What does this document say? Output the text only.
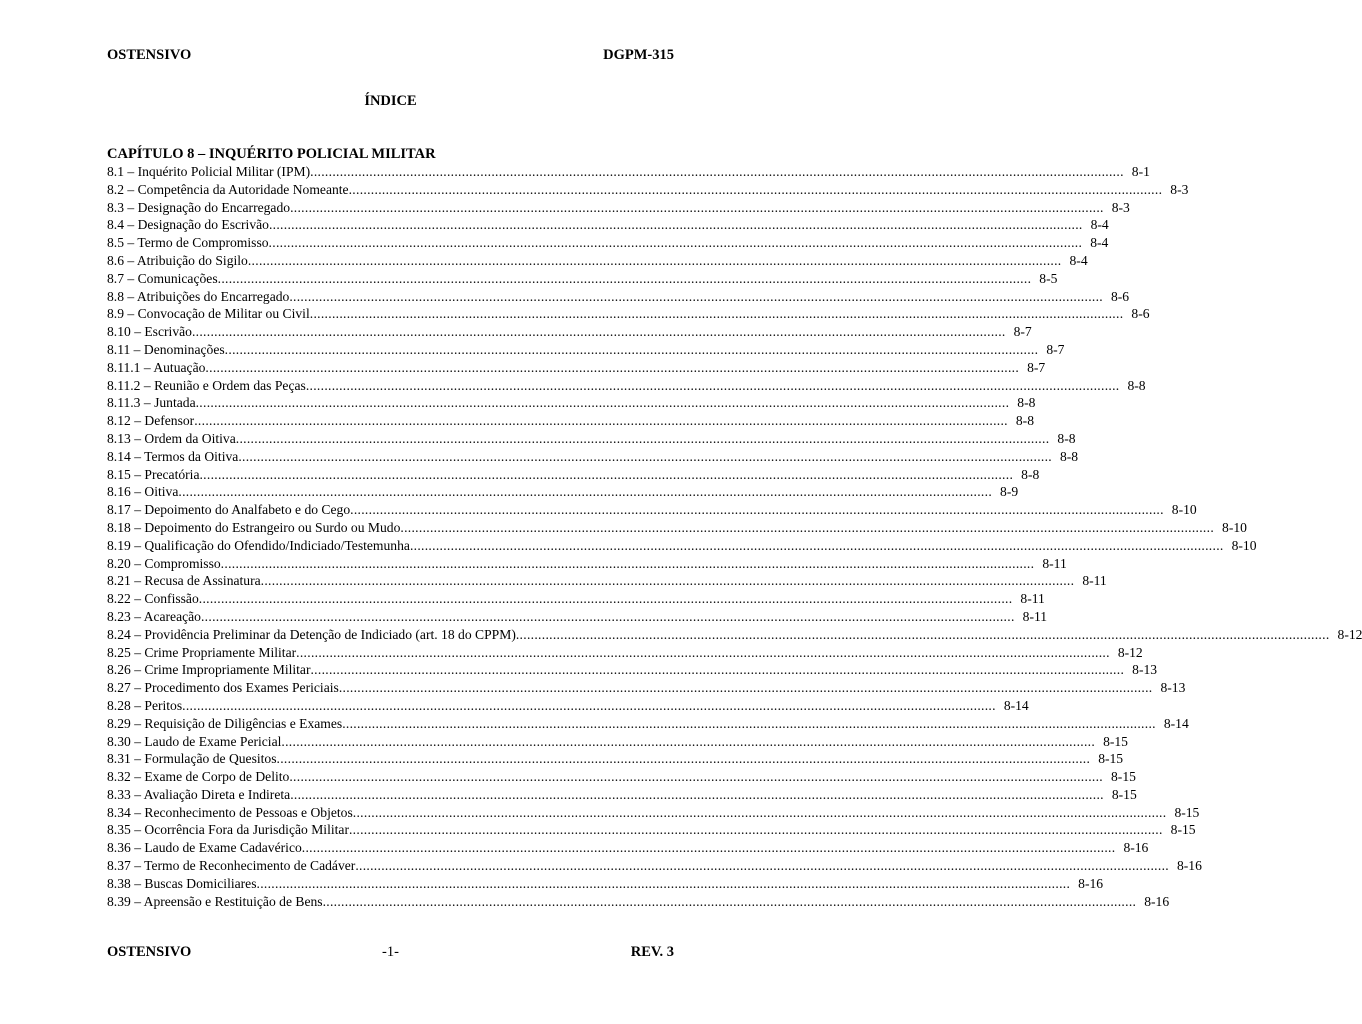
OSTENSIVO	DGPM-315
ÍNDICE
CAPÍTULO 8 – INQUÉRITO POLICIAL MILITAR
8.1 – Inquérito Policial Militar (IPM) ............................................................................................................................................................................................................................ 8-1
8.2 – Competência da Autoridade Nomeante ............................................................................................................................................................................................................................ 8-3
8.3 – Designação do Encarregado ............................................................................................................................................................................................................................ 8-3
8.4 – Designação do Escrivão ............................................................................................................................................................................................................................ 8-4
8.5 – Termo de Compromisso ............................................................................................................................................................................................................................ 8-4
8.6 – Atribuição do Sigilo ............................................................................................................................................................................................................................ 8-4
8.7 – Comunicações ............................................................................................................................................................................................................................ 8-5
8.8 – Atribuições do Encarregado ............................................................................................................................................................................................................................ 8-6
8.9 – Convocação de Militar ou Civil ............................................................................................................................................................................................................................ 8-6
8.10 – Escrivão ............................................................................................................................................................................................................................ 8-7
8.11 – Denominações ............................................................................................................................................................................................................................ 8-7
8.11.1 – Autuação ............................................................................................................................................................................................................................ 8-7
8.11.2 – Reunião e Ordem das Peças ............................................................................................................................................................................................................................ 8-8
8.11.3 – Juntada ............................................................................................................................................................................................................................ 8-8
8.12 – Defensor ............................................................................................................................................................................................................................ 8-8
8.13 – Ordem da Oitiva ............................................................................................................................................................................................................................ 8-8
8.14 – Termos da Oitiva ............................................................................................................................................................................................................................ 8-8
8.15 – Precatória ............................................................................................................................................................................................................................ 8-8
8.16 – Oitiva ............................................................................................................................................................................................................................ 8-9
8.17 – Depoimento do Analfabeto e do Cego ............................................................................................................................................................................................................................ 8-10
8.18 – Depoimento do Estrangeiro ou Surdo ou Mudo ............................................................................................................................................................................................................................ 8-10
8.19 – Qualificação do Ofendido/Indiciado/Testemunha ............................................................................................................................................................................................................................ 8-10
8.20 – Compromisso ............................................................................................................................................................................................................................ 8-11
8.21 – Recusa de Assinatura ............................................................................................................................................................................................................................ 8-11
8.22 – Confissão ............................................................................................................................................................................................................................ 8-11
8.23 – Acareação ............................................................................................................................................................................................................................ 8-11
8.24 – Providência Preliminar da Detenção de Indiciado (art. 18 do CPPM) ............................................................................................................................................................................................................................ 8-12
8.25 – Crime Propriamente Militar ............................................................................................................................................................................................................................ 8-12
8.26 – Crime Impropriamente Militar ............................................................................................................................................................................................................................ 8-13
8.27 – Procedimento dos Exames Periciais ............................................................................................................................................................................................................................ 8-13
8.28 – Peritos ............................................................................................................................................................................................................................ 8-14
8.29 – Requisição de Diligências e Exames ............................................................................................................................................................................................................................ 8-14
8.30 – Laudo de Exame Pericial ............................................................................................................................................................................................................................ 8-15
8.31 – Formulação de Quesitos ............................................................................................................................................................................................................................ 8-15
8.32 – Exame de Corpo de Delito ............................................................................................................................................................................................................................ 8-15
8.33 – Avaliação Direta e Indireta ............................................................................................................................................................................................................................ 8-15
8.34 – Reconhecimento de Pessoas e Objetos ............................................................................................................................................................................................................................ 8-15
8.35 – Ocorrência Fora da Jurisdição Militar ............................................................................................................................................................................................................................ 8-15
8.36 – Laudo de Exame Cadavérico ............................................................................................................................................................................................................................ 8-16
8.37 – Termo de Reconhecimento de Cadáver ............................................................................................................................................................................................................................ 8-16
8.38 – Buscas Domiciliares ............................................................................................................................................................................................................................ 8-16
8.39 – Apreensão e Restituição de Bens ............................................................................................................................................................................................................................ 8-16
OSTENSIVO	-1-	REV. 3
